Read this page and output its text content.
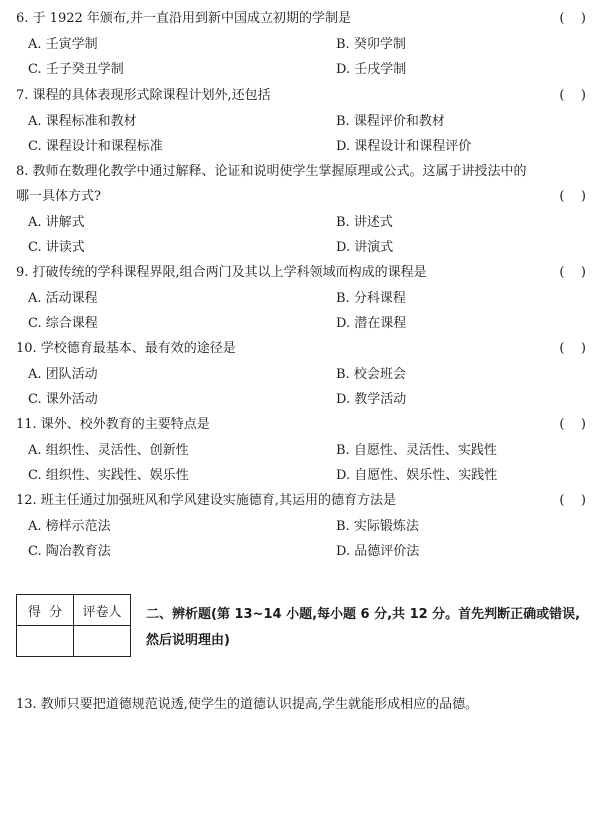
6. 于 1922 年颁布,并一直沿用到新中国成立初期的学制是	(    )
A. 壬寅学制	B. 癸卯学制
C. 壬子癸丑学制	D. 壬戌学制
7. 课程的具体表现形式除课程计划外,还包括	(    )
A. 课程标准和教材	B. 课程评价和教材
C. 课程设计和课程标准	D. 课程设计和课程评价
8. 教师在数理化教学中通过解释、论证和说明使学生掌握原理或公式。这属于讲授法中的
哪一具体方式?	(    )
A. 讲解式	B. 讲述式
C. 讲读式	D. 讲演式
9. 打破传统的学科课程界限,组合两门及其以上学科领域而构成的课程是	(    )
A. 活动课程	B. 分科课程
C. 综合课程	D. 潜在课程
10. 学校德育最基本、最有效的途径是	(    )
A. 团队活动	B. 校会班会
C. 课外活动	D. 教学活动
11. 课外、校外教育的主要特点是	(    )
A. 组织性、灵活性、创新性	B. 自愿性、灵活性、实践性
C. 组织性、实践性、娱乐性	D. 自愿性、娱乐性、实践性
12. 班主任通过加强班风和学风建设实施德育,其运用的德育方法是	(    )
A. 榜样示范法	B. 实际锻炼法
C. 陶冶教育法	D. 品德评价法
得  分	评卷人
	二、辨析题(第 13~14 小题,每小题 6 分,共 12 分。首先判断正确或错误,然后说明理由)
13. 教师只要把道德规范说透,使学生的道德认识提高,学生就能形成相应的品德。
